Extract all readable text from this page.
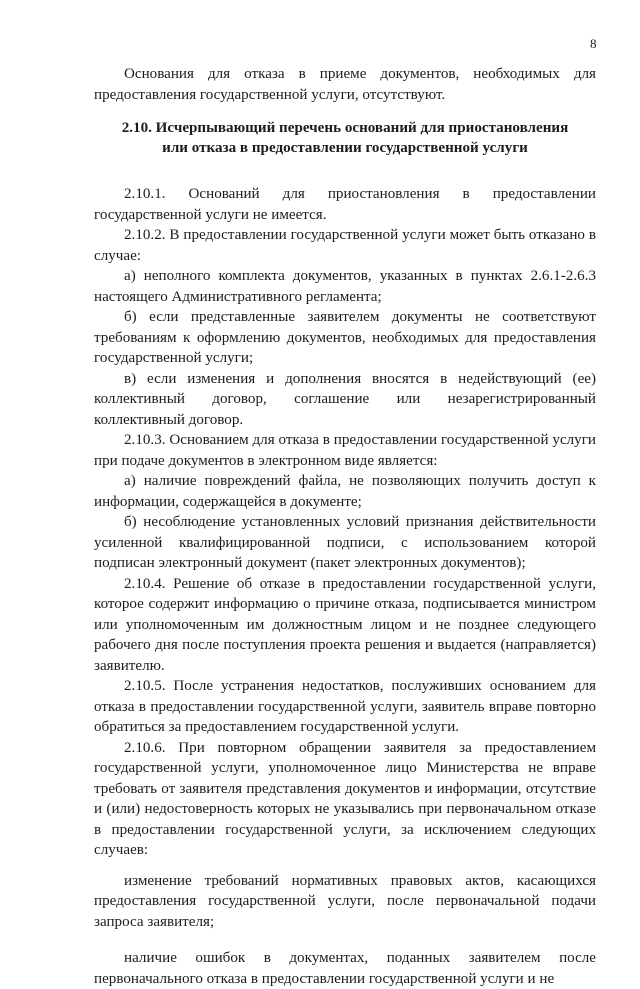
8

Основания для отказа в приеме документов, необходимых для предоставления государственной услуги, отсутствуют.

2.10. Исчерпывающий перечень оснований для приостановления
или отказа в предоставлении государственной услуги

2.10.1. Оснований для приостановления в предоставлении государственной услуги не имеется.

2.10.2. В предоставлении государственной услуги может быть отказано в случае:

а) неполного комплекта документов, указанных в пунктах 2.6.1-2.6.3 настоящего Административного регламента;

б) если представленные заявителем документы не соответствуют требованиям к оформлению документов, необходимых для предоставления государственной услуги;

в) если изменения и дополнения вносятся в недействующий (ее) коллективный договор, соглашение или незарегистрированный коллективный договор.

2.10.3. Основанием для отказа в предоставлении государственной услуги при подаче документов в электронном виде является:

а) наличие повреждений файла, не позволяющих получить доступ к информации, содержащейся в документе;

б) несоблюдение установленных условий признания действительности усиленной квалифицированной подписи, с использованием которой подписан электронный документ (пакет электронных документов);

2.10.4. Решение об отказе в предоставлении государственной услуги, которое содержит информацию о причине отказа, подписывается министром или уполномоченным им должностным лицом и не позднее следующего рабочего дня после поступления проекта решения и выдается (направляется) заявителю.

2.10.5. После устранения недостатков, послуживших основанием для отказа в предоставлении государственной услуги, заявитель вправе повторно обратиться за предоставлением государственной услуги.

2.10.6. При повторном обращении заявителя за предоставлением государственной услуги, уполномоченное лицо Министерства не вправе требовать от заявителя представления документов и информации, отсутствие и (или) недостоверность которых не указывались при первоначальном отказе в предоставлении государственной услуги, за исключением следующих случаев:

изменение требований нормативных правовых актов, касающихся предоставления государственной услуги, после первоначальной подачи запроса заявителя;

наличие ошибок в документах, поданных заявителем после первоначального отказа в предоставлении государственной услуги и не
